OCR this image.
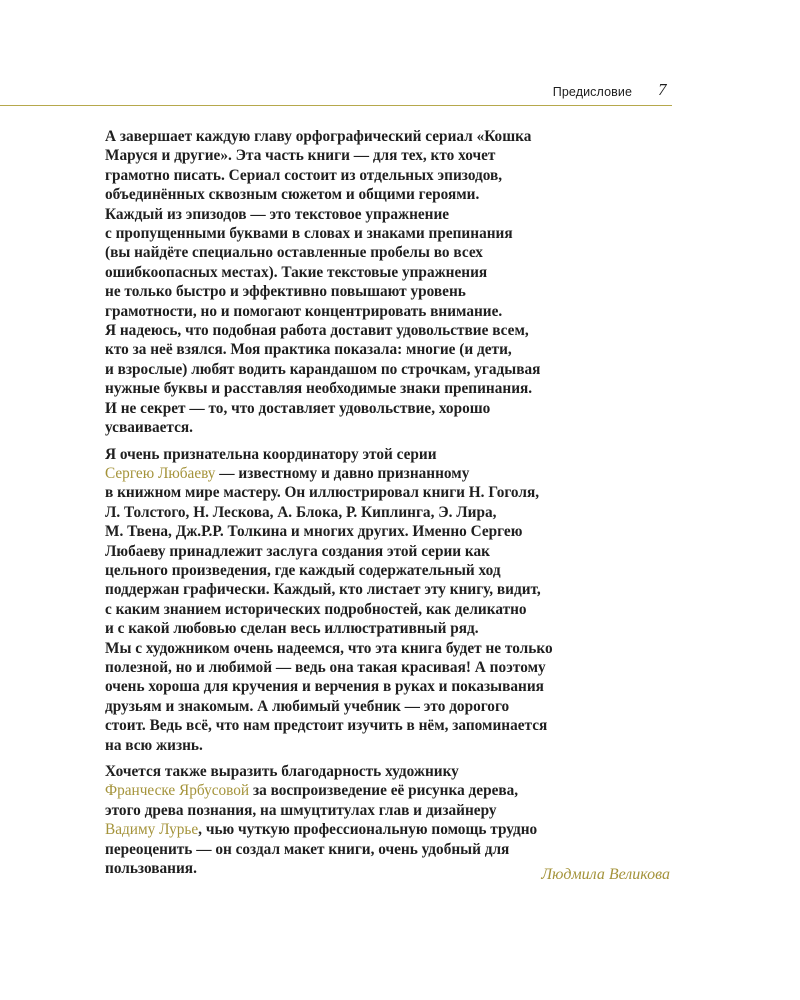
Предисловие 7
А завершает каждую главу орфографический сериал «Кошка
Маруся и другие». Эта часть книги — для тех, кто хочет
грамотно писать. Сериал состоит из отдельных эпизодов,
объединённых сквозным сюжетом и общими героями.
Каждый из эпизодов — это текстовое упражнение
с пропущенными буквами в словах и знаками препинания
(вы найдёте специально оставленные пробелы во всех
ошибкоопасных местах). Такие текстовые упражнения
не только быстро и эффективно повышают уровень
грамотности, но и помогают концентрировать внимание.
Я надеюсь, что подобная работа доставит удовольствие всем,
кто за неё взялся. Моя практика показала: многие (и дети,
и взрослые) любят водить карандашом по строчкам, угадывая
нужные буквы и расставляя необходимые знаки препинания.
И не секрет — то, что доставляет удовольствие, хорошо
усваивается.
Я очень признательна координатору этой серии
Сергею Любаеву — известному и давно признанному
в книжном мире мастеру. Он иллюстрировал книги Н. Гоголя,
Л. Толстого, Н. Лескова, А. Блока, Р. Киплинга, Э. Лира,
М. Твена, Дж.Р.Р. Толкина и многих других. Именно Сергею
Любаеву принадлежит заслуга создания этой серии как
цельного произведения, где каждый содержательный ход
поддержан графически. Каждый, кто листает эту книгу, видит,
с каким знанием исторических подробностей, как деликатно
и с какой любовью сделан весь иллюстративный ряд.
Мы с художником очень надеемся, что эта книга будет не только
полезной, но и любимой — ведь она такая красивая! А поэтому
очень хороша для кручения и верчения в руках и показывания
друзьям и знакомым. А любимый учебник — это дорогого
стоит. Ведь всё, что нам предстоит изучить в нём, запоминается
на всю жизнь.
Хочется также выразить благодарность художнику
Франческе Ярбусовой за воспроизведение её рисунка дерева,
этого древа познания, на шмуцтитулах глав и дизайнеру
Вадиму Лурье, чью чуткую профессиональную помощь трудно
переоценить — он создал макет книги, очень удобный для
пользования.	Людмила Великова
